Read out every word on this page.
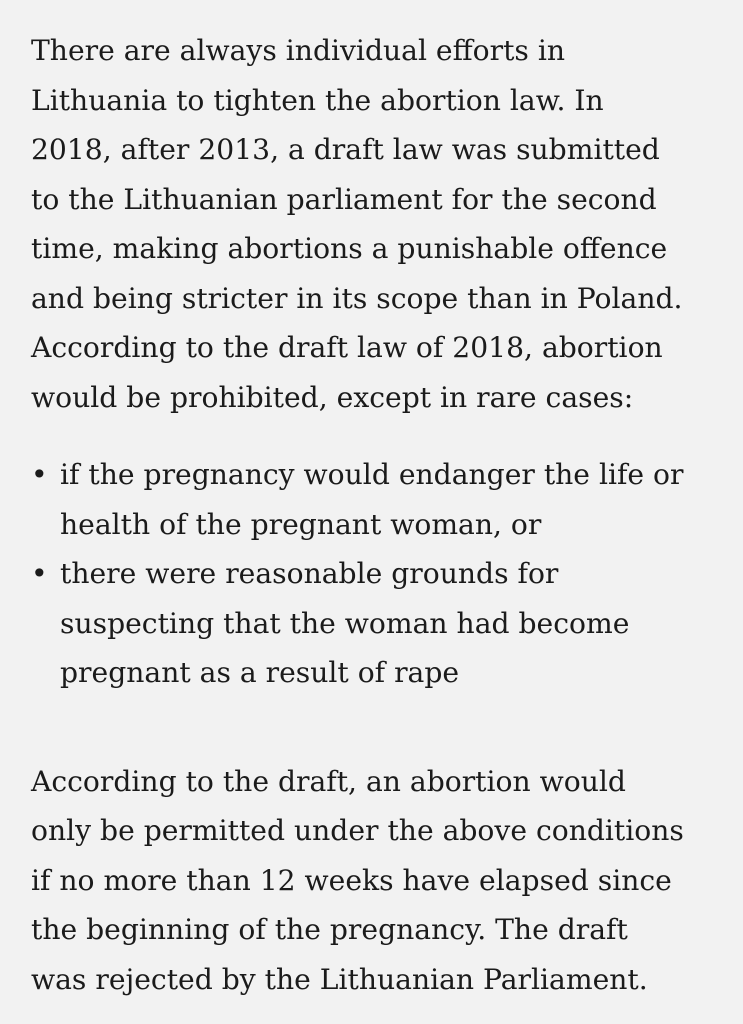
There are always individual efforts in
Lithuania to tighten the abortion law. In
2018, after 2013, a draft law was submitted
to the Lithuanian parliament for the second
time, making abortions a punishable offence
and being stricter in its scope than in Poland.
According to the draft law of 2018, abortion
would be prohibited, except in rare cases:

• if the pregnancy would endanger the life or
health of the pregnant woman, or
• there were reasonable grounds for
suspecting that the woman had become
pregnant as a result of rape

According to the draft, an abortion would
only be permitted under the above conditions
if no more than 12 weeks have elapsed since
the beginning of the pregnancy. The draft
was rejected by the Lithuanian Parliament.
